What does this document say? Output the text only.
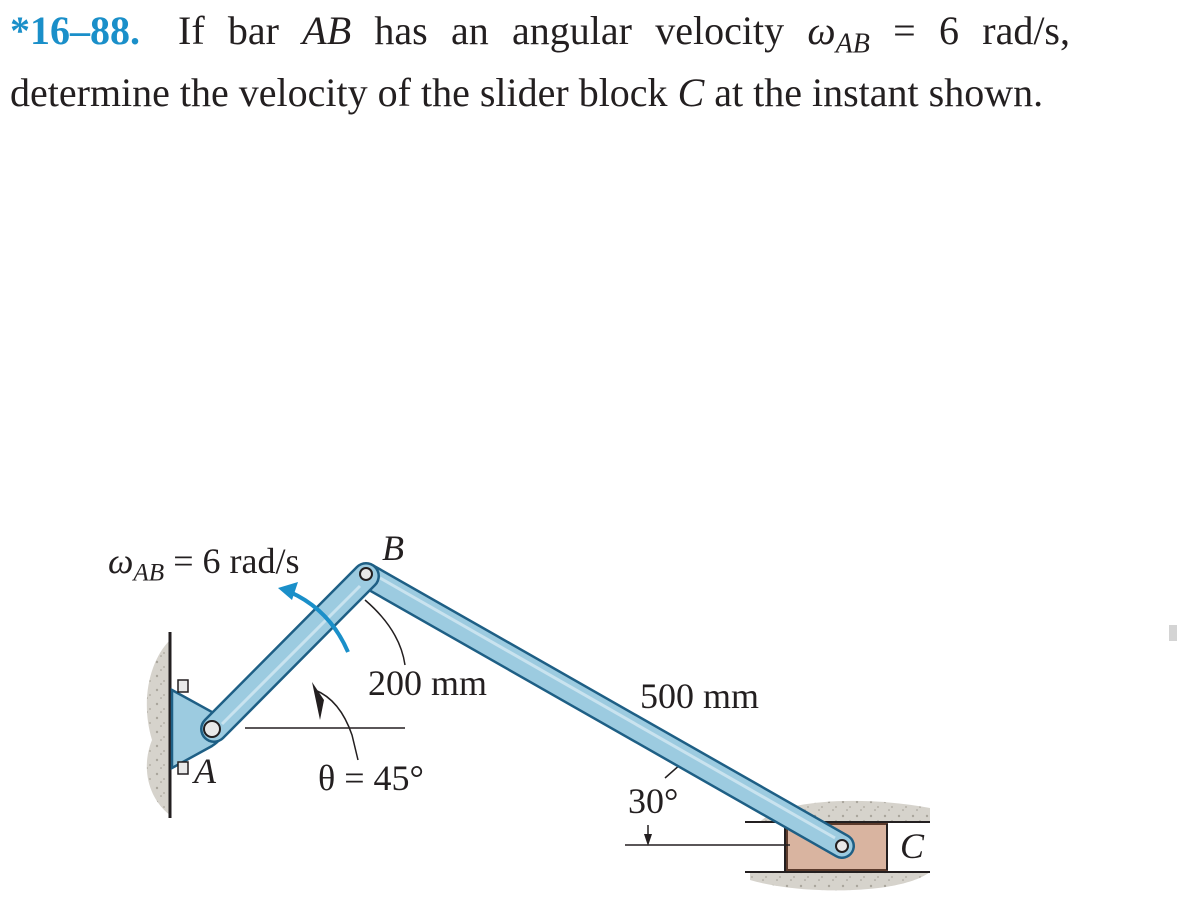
*16–88. If bar AB has an angular velocity $\omega_{AB} = 6$ rad/s, determine the velocity of the slider block C at the instant shown.
$\omega_{AB} = 6$ rad/s B
A
C
200 mm	500 mm
θ = 45°
30°
